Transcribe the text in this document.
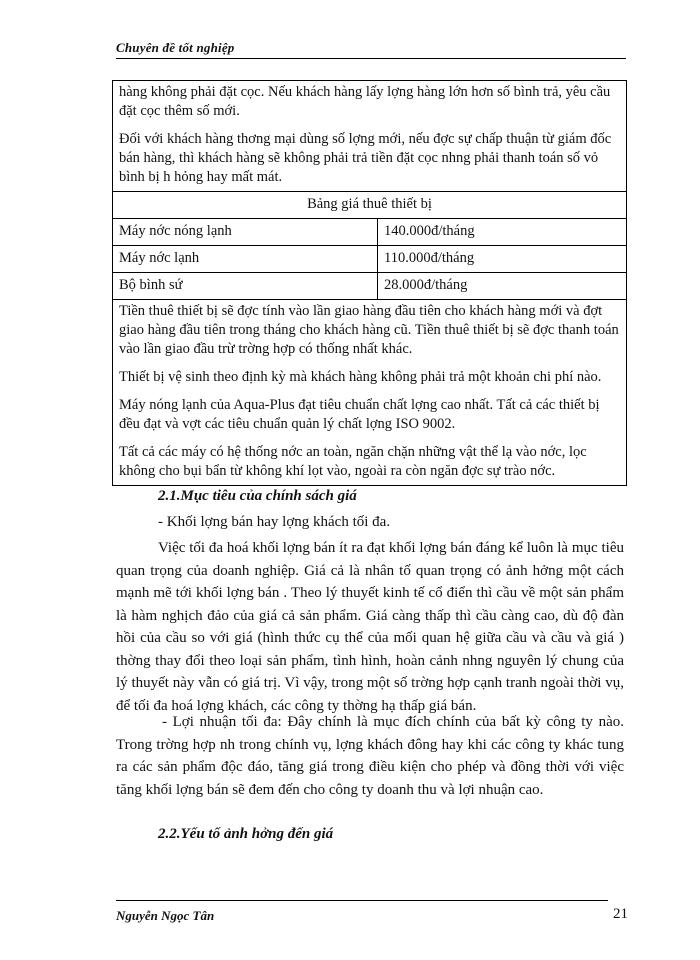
Chuyên đề tốt nghiệp

hàng không phải đặt cọc. Nếu khách hàng lấy lợng hàng lớn hơn số bình trả, yêu cầu đặt cọc thêm số mới.

Đối với khách hàng thơng mại dùng số lợng mới, nếu đợc sự chấp thuận từ giám đốc bán hàng, thì khách hàng sẽ không phải trả tiền đặt cọc nhng phải thanh toán số vỏ bình bị h hỏng hay mất mát.

Bảng giá thuê thiết bị	
Máy nớc nóng lạnh	140.000đ/tháng
Máy nớc lạnh	110.000đ/tháng
Bộ bình sứ	28.000đ/tháng

Tiền thuê thiết bị sẽ đợc tính vào lần giao hàng đầu tiên cho khách hàng mới và đợt giao hàng đầu tiên trong tháng cho khách hàng cũ. Tiền thuê thiết bị sẽ đợc thanh toán vào lần giao đầu trừ trờng hợp có thống nhất khác.

Thiết bị vệ sinh theo định kỳ mà khách hàng không phải trả một khoản chi phí nào.

Máy nóng lạnh của Aqua-Plus đạt tiêu chuẩn chất lợng cao nhất. Tất cả các thiết bị đều đạt và vợt các tiêu chuẩn quản lý chất lợng ISO 9002.

Tất cả các máy có hệ thống nớc an toàn, ngăn chặn những vật thể lạ vào nớc, lọc không cho bụi bẩn từ không khí lọt vào, ngoài ra còn ngăn đợc sự trào nớc.

2.1.Mục tiêu của chính sách giá

- Khối lợng bán hay lợng khách tối đa.

Việc tối đa hoá khối lợng bán ít ra đạt khối lợng bán đáng kể luôn là mục tiêu quan trọng của doanh nghiệp. Giá cả là nhân tố quan trọng có ảnh hởng một cách mạnh mẽ tới khối lợng bán . Theo lý thuyết kinh tế cổ điển thì cầu về một sản phẩm là hàm nghịch đảo của giá cả sản phẩm. Giá càng thấp thì cầu càng cao, dù độ đàn hồi của cầu so với giá (hình thức cụ thể của mối quan hệ giữa cầu và cầu và giá ) thờng thay đổi theo loại sản phẩm, tình hình, hoàn cảnh nhng nguyên lý chung của lý thuyết này vẫn có giá trị. Vì vậy, trong một số trờng hợp cạnh tranh ngoài thời vụ, để tối đa hoá lợng khách, các công ty thờng hạ thấp giá bán.

- Lợi nhuận tối đa: Đây chính là mục đích chính của bất kỳ công ty nào. Trong trờng hợp nh trong chính vụ, lợng khách đông hay khi các công ty khác tung ra các sản phẩm độc đáo, tăng giá trong điều kiện cho phép và đồng thời với việc tăng khối lợng bán sẽ đem đến cho công ty doanh thu và lợi nhuận cao.

2.2.Yếu tố ảnh hởng đến giá
Nguyễn Ngọc Tân	21
